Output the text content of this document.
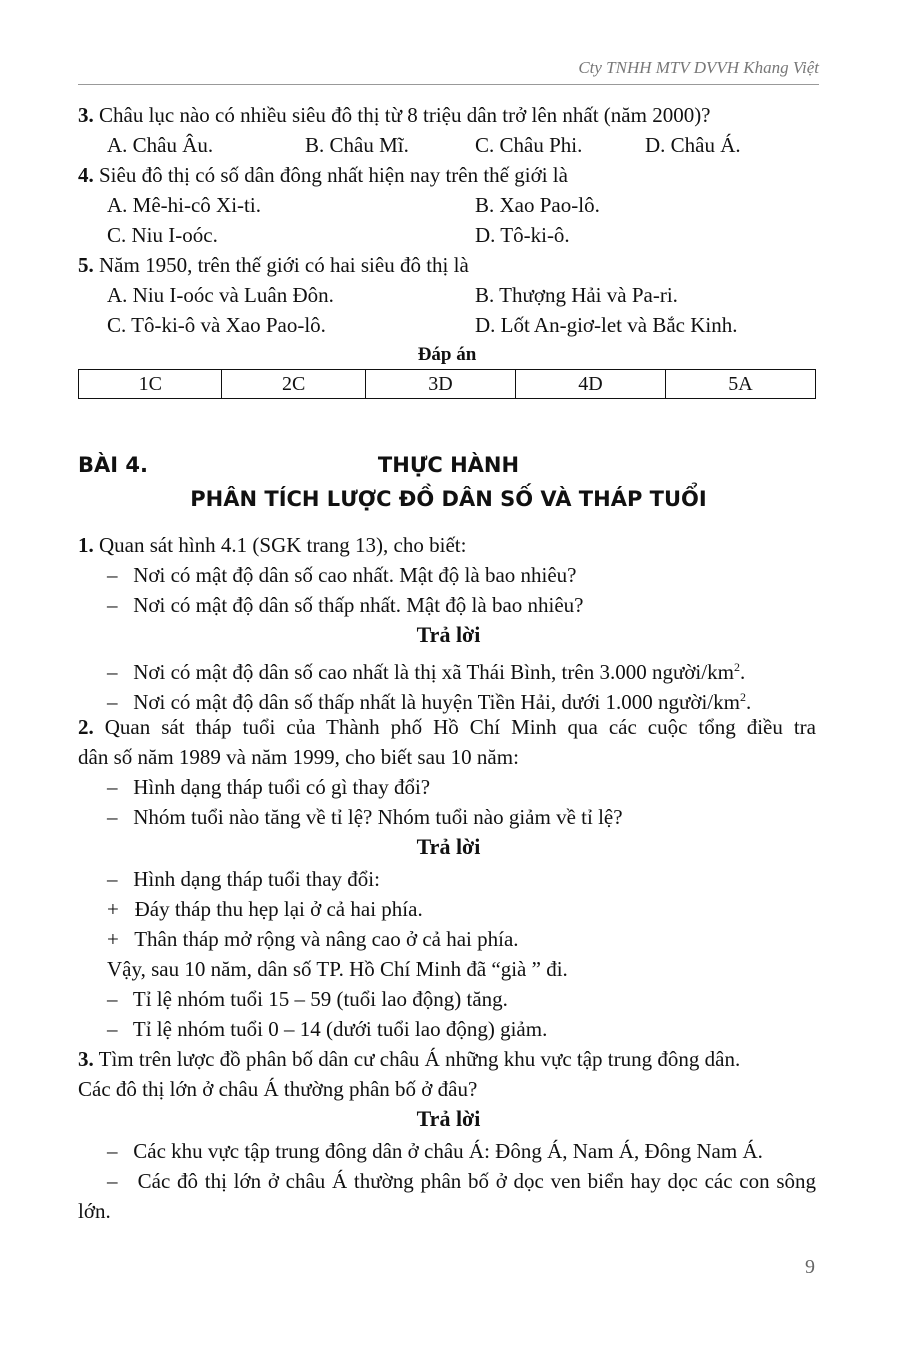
Cty TNHH MTV DVVH Khang Việt
3. Châu lục nào có nhiều siêu đô thị từ 8 triệu dân trở lên nhất (năm 2000)?
A. Châu Âu.	B. Châu Mĩ.	C. Châu Phi.	D. Châu Á.
4. Siêu đô thị có số dân đông nhất hiện nay trên thế giới là
A. Mê-hi-cô Xi-ti.	B. Xao Pao-lô.
C. Niu I-oóc.	D. Tô-ki-ô.
5. Năm 1950, trên thế giới có hai siêu đô thị là
A. Niu I-oóc và Luân Đôn.	B. Thượng Hải và Pa-ri.
C. Tô-ki-ô và Xao Pao-lô.	D. Lốt An-giơ-let và Bắc Kinh.
Đáp án
1C	2C	3D	4D	5A
BÀI 4.	THỰC HÀNH
PHÂN TÍCH LƯỢC ĐỒ DÂN SỐ VÀ THÁP TUỔI
1. Quan sát hình 4.1 (SGK trang 13), cho biết:
–   Nơi có mật độ dân số cao nhất. Mật độ là bao nhiêu?
–   Nơi có mật độ dân số thấp nhất. Mật độ là bao nhiêu?
Trả lời
–   Nơi có mật độ dân số cao nhất là thị xã Thái Bình, trên 3.000 người/$km^2$.
–   Nơi có mật độ dân số thấp nhất là huyện Tiền Hải, dưới 1.000 người/$km^2$.
2. Quan sát tháp tuổi của Thành phố Hồ Chí Minh qua các cuộc tổng điều tra
dân số năm 1989 và năm 1999, cho biết sau 10 năm:
–   Hình dạng tháp tuổi có gì thay đổi?
–   Nhóm tuổi nào tăng về tỉ lệ? Nhóm tuổi nào giảm về tỉ lệ?
Trả lời
–   Hình dạng tháp tuổi thay đổi:
+   Đáy tháp thu hẹp lại ở cả hai phía.
+   Thân tháp mở rộng và nâng cao ở cả hai phía.
Vậy, sau 10 năm, dân số TP. Hồ Chí Minh đã “già ” đi.
–   Tỉ lệ nhóm tuổi 15 – 59 (tuổi lao động) tăng.
–   Tỉ lệ nhóm tuổi 0 – 14 (dưới tuổi lao động) giảm.
3. Tìm trên lược đồ phân bố dân cư châu Á những khu vực tập trung đông dân.
Các đô thị lớn ở châu Á thường phân bố ở đâu?
Trả lời
–   Các khu vực tập trung đông dân ở châu Á: Đông Á, Nam Á, Đông Nam Á.
–   Các đô thị lớn ở châu Á thường phân bố ở dọc ven biển hay dọc các con sông lớn.
9
